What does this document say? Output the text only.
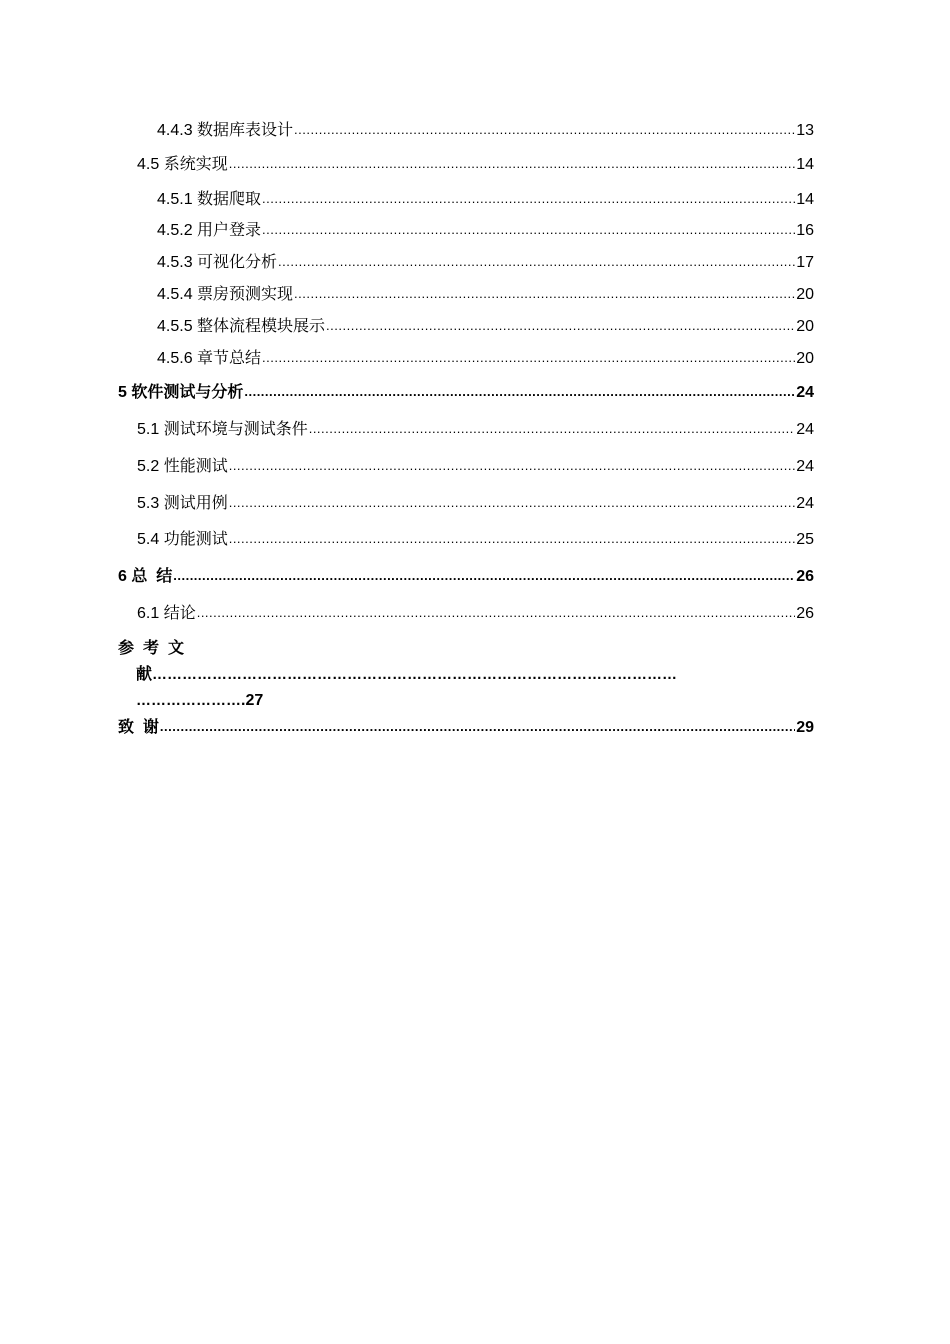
4.4.3 数据库表设计 .....	13
4.5 系统实现 .....	14
4.5.1 数据爬取 .....	14
4.5.2 用户登录 .....	16
4.5.3 可视化分析 .....	17
4.5.4 票房预测实现 .....	20
4.5.5 整体流程模块展示 .....	20
4.5.6 章节总结 .....	20
5 软件测试与分析 .....	24
5.1 测试环境与测试条件 .....	24
5.2 性能测试 .....	24
5.3 测试用例 .....	24
5.4 功能测试 .....	25
6 总  结 .....	26
6.1 结论 .....	26
参考文
献……………………………………………………………………………………………
………………….27
致  谢 .....	29
